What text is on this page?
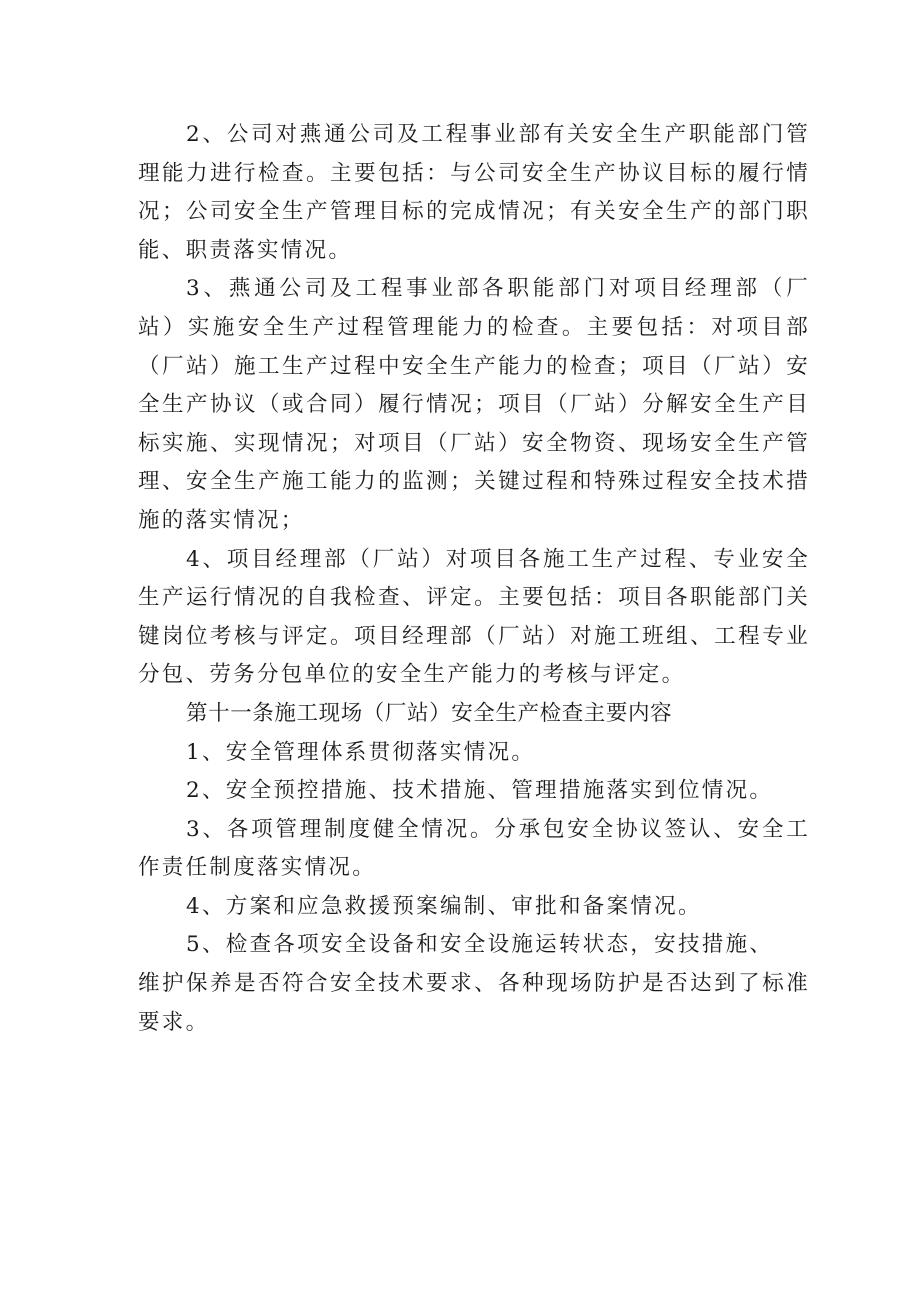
2、公司对燕通公司及工程事业部有关安全生产职能部门管理能力进行检查。主要包括：与公司安全生产协议目标的履行情况；公司安全生产管理目标的完成情况；有关安全生产的部门职能、职责落实情况。

3、燕通公司及工程事业部各职能部门对项目经理部（厂站）实施安全生产过程管理能力的检查。主要包括：对项目部（厂站）施工生产过程中安全生产能力的检查；项目（厂站）安全生产协议（或合同）履行情况；项目（厂站）分解安全生产目标实施、实现情况；对项目（厂站）安全物资、现场安全生产管理、安全生产施工能力的监测；关键过程和特殊过程安全技术措施的落实情况；

4、项目经理部（厂站）对项目各施工生产过程、专业安全生产运行情况的自我检查、评定。主要包括：项目各职能部门关键岗位考核与评定。项目经理部（厂站）对施工班组、工程专业分包、劳务分包单位的安全生产能力的考核与评定。

第十一条施工现场（厂站）安全生产检查主要内容

1、安全管理体系贯彻落实情况。

2、安全预控措施、技术措施、管理措施落实到位情况。

3、各项管理制度健全情况。分承包安全协议签认、安全工作责任制度落实情况。

4、方案和应急救援预案编制、审批和备案情况。

5、检查各项安全设备和安全设施运转状态，安技措施、

维护保养是否符合安全技术要求、各种现场防护是否达到了标准要求。
